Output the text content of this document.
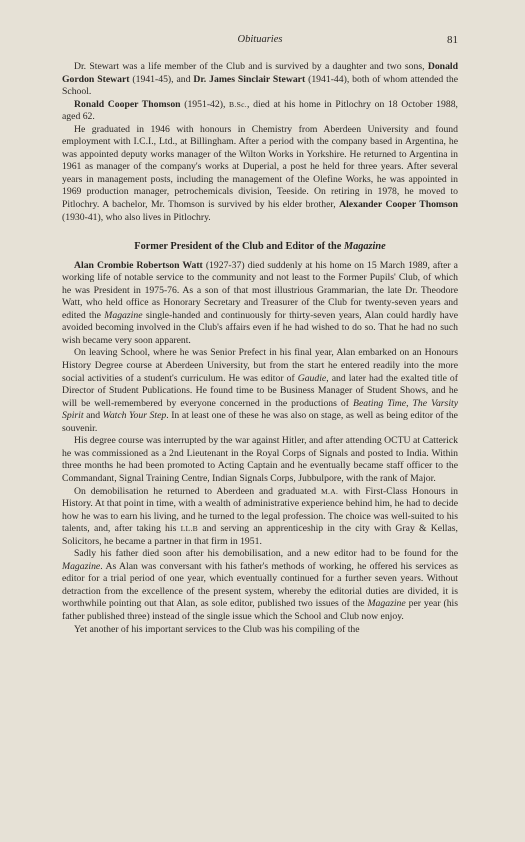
Obituaries	81

Dr. Stewart was a life member of the Club and is survived by a daughter and two sons, Donald Gordon Stewart (1941-45), and Dr. James Sinclair Stewart (1941-44), both of whom attended the School.

Ronald Cooper Thomson (1951-42), B.Sc., died at his home in Pitlochry on 18 October 1988, aged 62.

He graduated in 1946 with honours in Chemistry from Aberdeen University and found employment with I.C.I., Ltd., at Billingham. After a period with the company based in Argentina, he was appointed deputy works manager of the Wilton Works in Yorkshire. He returned to Argentina in 1961 as manager of the company's works at Duperial, a post he held for three years. After several years in management posts, including the management of the Olefine Works, he was appointed in 1969 production manager, petrochemicals division, Teeside. On retiring in 1978, he moved to Pitlochry. A bachelor, Mr. Thomson is survived by his elder brother, Alexander Cooper Thomson (1930-41), who also lives in Pitlochry.

Former President of the Club and Editor of the Magazine

Alan Crombie Robertson Watt (1927-37) died suddenly at his home on 15 March 1989, after a working life of notable service to the community and not least to the Former Pupils' Club, of which he was President in 1975-76. As a son of that most illustrious Grammarian, the late Dr. Theodore Watt, who held office as Honorary Secretary and Treasurer of the Club for twenty-seven years and edited the Magazine single-handed and continuously for thirty-seven years, Alan could hardly have avoided becoming involved in the Club's affairs even if he had wished to do so. That he had no such wish became very soon apparent.

On leaving School, where he was Senior Prefect in his final year, Alan embarked on an Honours History Degree course at Aberdeen University, but from the start he entered readily into the more social activities of a student's curriculum. He was editor of Gaudie, and later had the exalted title of Director of Student Publications. He found time to be Business Manager of Student Shows, and he will be well-remembered by everyone concerned in the productions of Beating Time, The Varsity Spirit and Watch Your Step. In at least one of these he was also on stage, as well as being editor of the souvenir.

His degree course was interrupted by the war against Hitler, and after attending OCTU at Catterick he was commissioned as a 2nd Lieutenant in the Royal Corps of Signals and posted to India. Within three months he had been promoted to Acting Captain and he eventually became staff officer to the Commandant, Signal Training Centre, Indian Signals Corps, Jubbulpore, with the rank of Major.

On demobilisation he returned to Aberdeen and graduated M.A. with First-Class Honours in History. At that point in time, with a wealth of administrative experience behind him, he had to decide how he was to earn his living, and he turned to the legal profession. The choice was well-suited to his talents, and, after taking his LL.B and serving an apprenticeship in the city with Gray & Kellas, Solicitors, he became a partner in that firm in 1951.

Sadly his father died soon after his demobilisation, and a new editor had to be found for the Magazine. As Alan was conversant with his father's methods of working, he offered his services as editor for a trial period of one year, which eventually continued for a further seven years. Without detraction from the excellence of the present system, whereby the editorial duties are divided, it is worthwhile pointing out that Alan, as sole editor, published two issues of the Magazine per year (his father published three) instead of the single issue which the School and Club now enjoy.

Yet another of his important services to the Club was his compiling of the
